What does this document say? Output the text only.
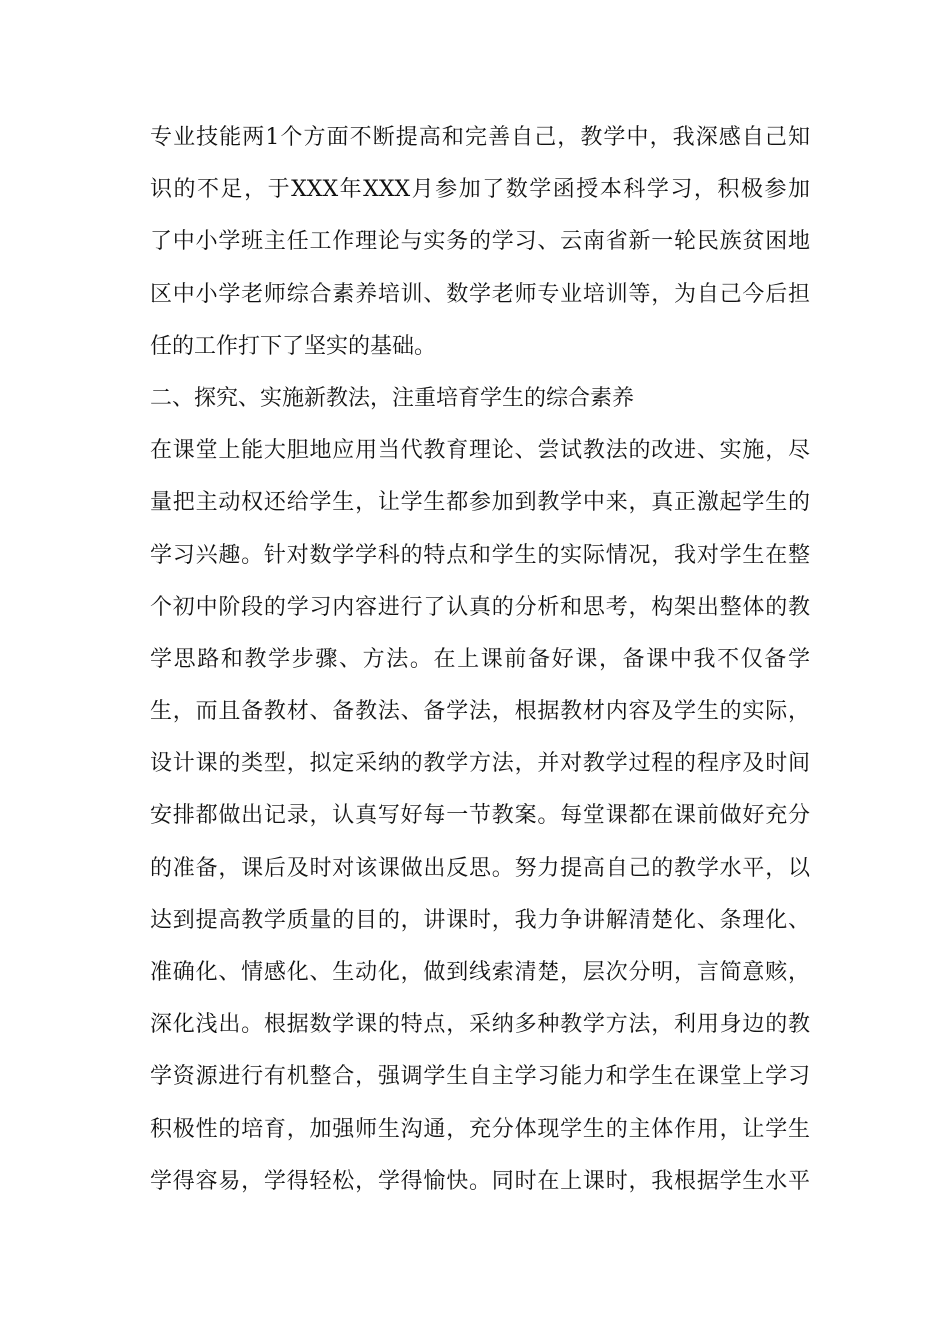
专业技能两1个方面不断提高和完善自己，教学中，我深感自己知
识的不足，于XXX年XXX月参加了数学函授本科学习，积极参加
了中小学班主任工作理论与实务的学习、云南省新一轮民族贫困地
区中小学老师综合素养培训、数学老师专业培训等，为自己今后担
任的工作打下了坚实的基础。
二、探究、实施新教法，注重培育学生的综合素养
在课堂上能大胆地应用当代教育理论、尝试教法的改进、实施，尽
量把主动权还给学生，让学生都参加到教学中来，真正激起学生的
学习兴趣。针对数学学科的特点和学生的实际情况，我对学生在整
个初中阶段的学习内容进行了认真的分析和思考，构架出整体的教
学思路和教学步骤、方法。在上课前备好课，备课中我不仅备学
生，而且备教材、备教法、备学法，根据教材内容及学生的实际，
设计课的类型，拟定采纳的教学方法，并对教学过程的程序及时间
安排都做出记录，认真写好每一节教案。每堂课都在课前做好充分
的准备，课后及时对该课做出反思。努力提高自己的教学水平，以
达到提高教学质量的目的，讲课时，我力争讲解清楚化、条理化、
准确化、情感化、生动化，做到线索清楚，层次分明，言简意赅，
深化浅出。根据数学课的特点，采纳多种教学方法，利用身边的教
学资源进行有机整合，强调学生自主学习能力和学生在课堂上学习
积极性的培育，加强师生沟通，充分体现学生的主体作用，让学生
学得容易，学得轻松，学得愉快。同时在上课时，我根据学生水平
